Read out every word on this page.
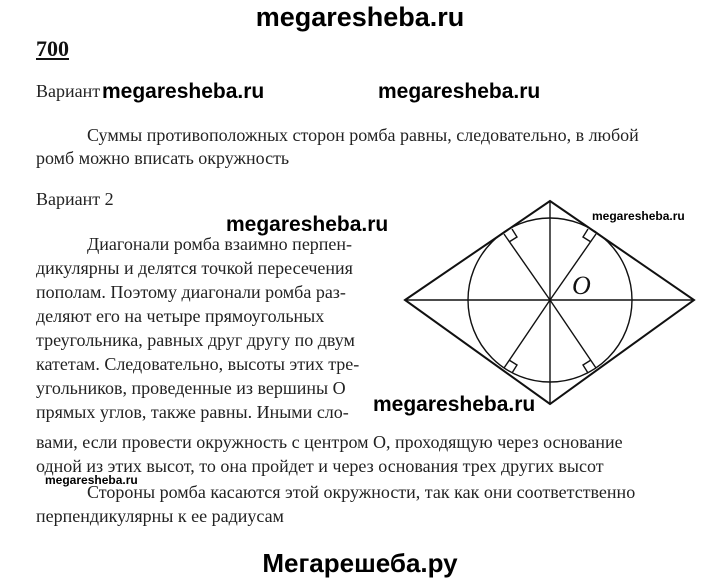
megaresheba.ru
700
Вариант
Суммы противоположных сторон ромба равны, следовательно, в любой
ромб можно вписать окружность
Вариант 2
Диагонали ромба взаимно перпен-
дикулярны и делятся точкой пересечения
пополам. Поэтому диагонали ромба раз-
деляют его на четыре прямоугольных
треугольника, равных друг другу по двум
катетам. Следовательно, высоты этих тре-
угольников, проведенные из вершины O
прямых углов, также равны. Иными сло-
вами, если провести окружность с центром О, проходящую через основание
одной из этих высот, то она пройдет и через основания трех других высот
Стороны ромба касаются этой окружности, так как они соответственно
перпендикулярны к ее радиусам
O
megaresheba.ru	megaresheba.ru
megaresheba.ru
megaresheba.ru
megaresheba.ru
megaresheba.ru
Мегарешеба.ру
